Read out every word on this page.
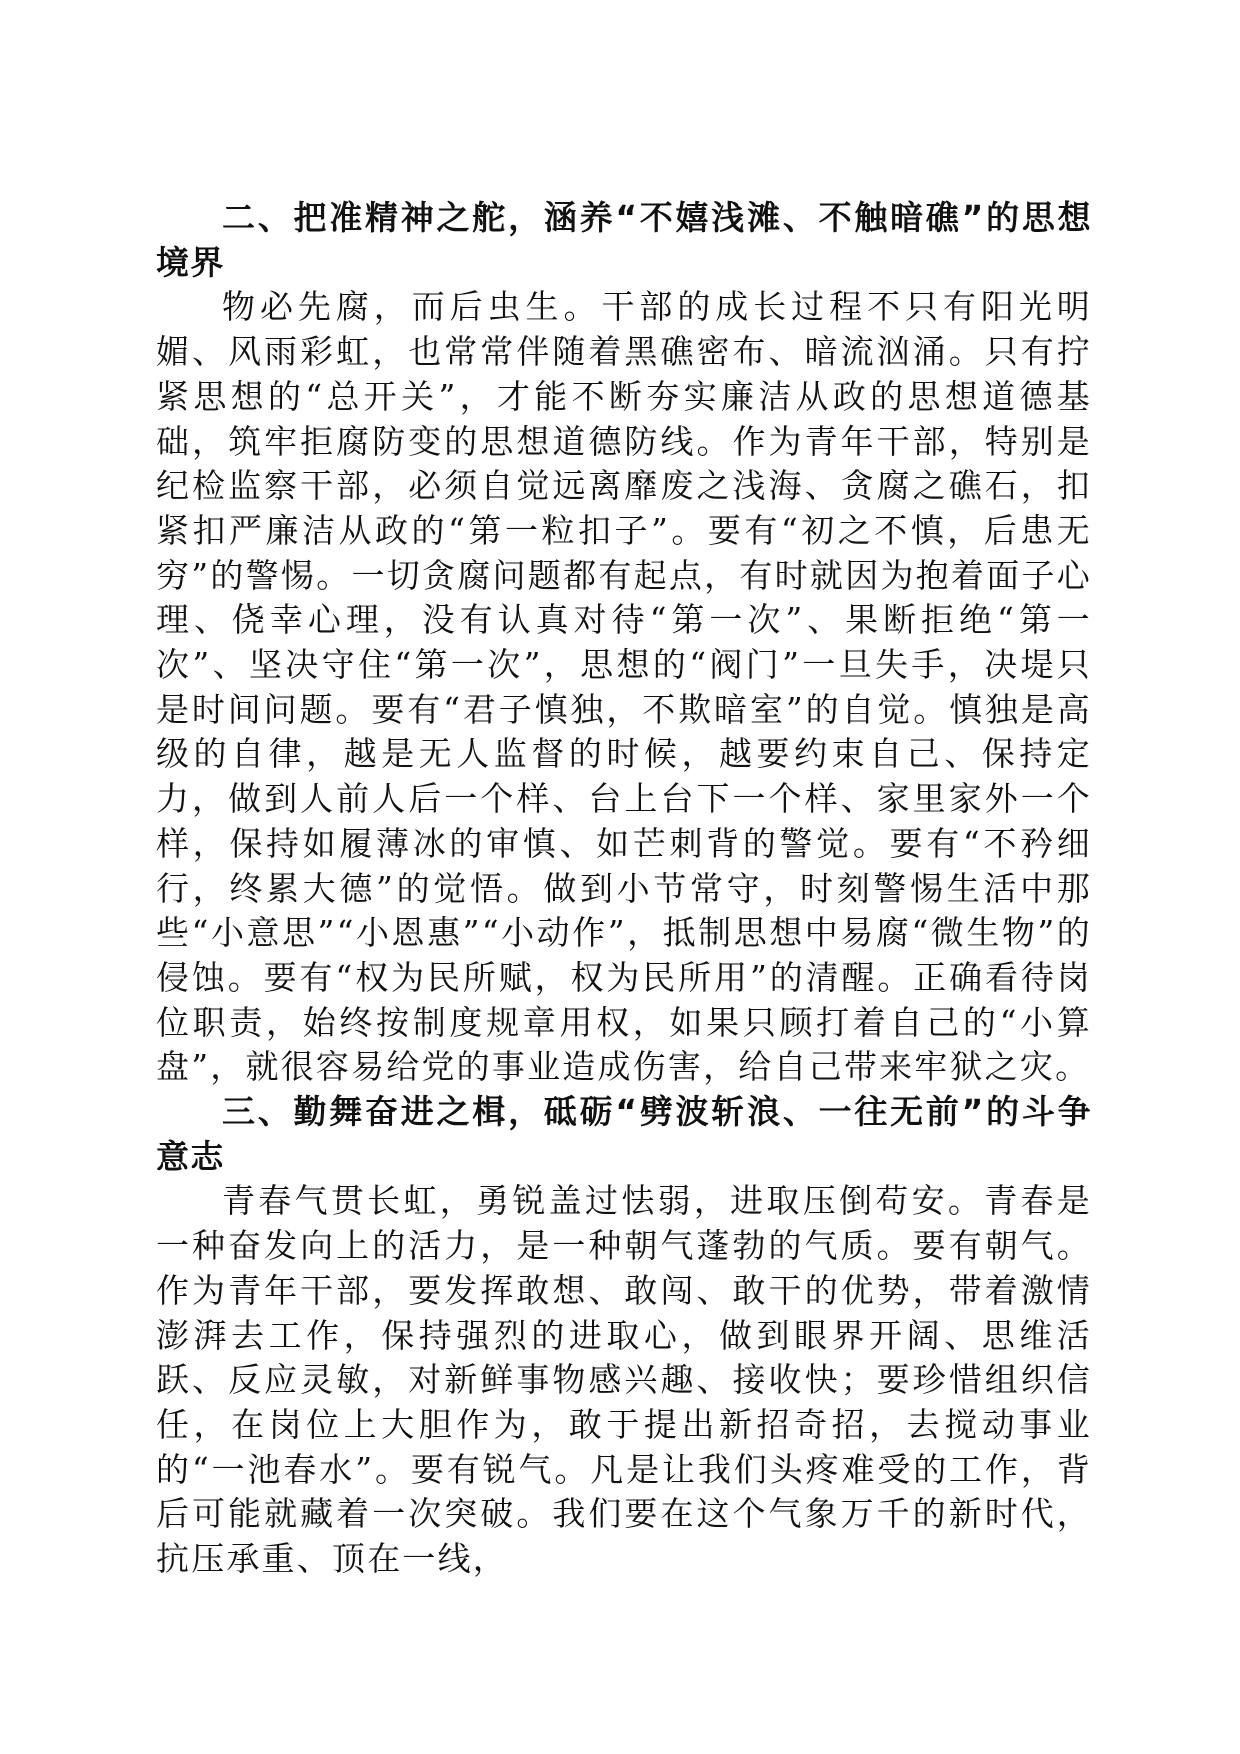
二、把准精神之舵，涵养“不嬉浅滩、不触暗礁”的思想境界

物必先腐，而后虫生。干部的成长过程不只有阳光明媚、风雨彩虹，也常常伴随着黑礁密布、暗流汹涌。只有拧紧思想的“总开关”，才能不断夯实廉洁从政的思想道德基础，筑牢拒腐防变的思想道德防线。作为青年干部，特别是纪检监察干部，必须自觉远离靡废之浅海、贪腐之礁石，扣紧扣严廉洁从政的“第一粒扣子”。要有“初之不慎，后患无穷”的警惕。一切贪腐问题都有起点，有时就因为抱着面子心理、侥幸心理，没有认真对待“第一次”、果断拒绝“第一次”、坚决守住“第一次”，思想的“阀门”一旦失手，决堤只是时间问题。要有“君子慎独，不欺暗室”的自觉。慎独是高级的自律，越是无人监督的时候，越要约束自己、保持定力，做到人前人后一个样、台上台下一个样、家里家外一个样，保持如履薄冰的审慎、如芒刺背的警觉。要有“不矜细行，终累大德”的觉悟。做到小节常守，时刻警惕生活中那些“小意思”“小恩惠”“小动作”，抵制思想中易腐“微生物”的侵蚀。要有“权为民所赋，权为民所用”的清醒。正确看待岗位职责，始终按制度规章用权，如果只顾打着自己的“小算盘”，就很容易给党的事业造成伤害，给自己带来牢狱之灾。

三、勤舞奋进之楫，砥砺“劈波斩浪、一往无前”的斗争意志

青春气贯长虹，勇锐盖过怯弱，进取压倒苟安。青春是一种奋发向上的活力，是一种朝气蓬勃的气质。要有朝气。作为青年干部，要发挥敢想、敢闯、敢干的优势，带着激情澎湃去工作，保持强烈的进取心，做到眼界开阔、思维活跃、反应灵敏，对新鲜事物感兴趣、接收快；要珍惜组织信任，在岗位上大胆作为，敢于提出新招奇招，去搅动事业的“一池春水”。要有锐气。凡是让我们头疼难受的工作，背后可能就藏着一次突破。我们要在这个气象万千的新时代，抗压承重、顶在一线，
